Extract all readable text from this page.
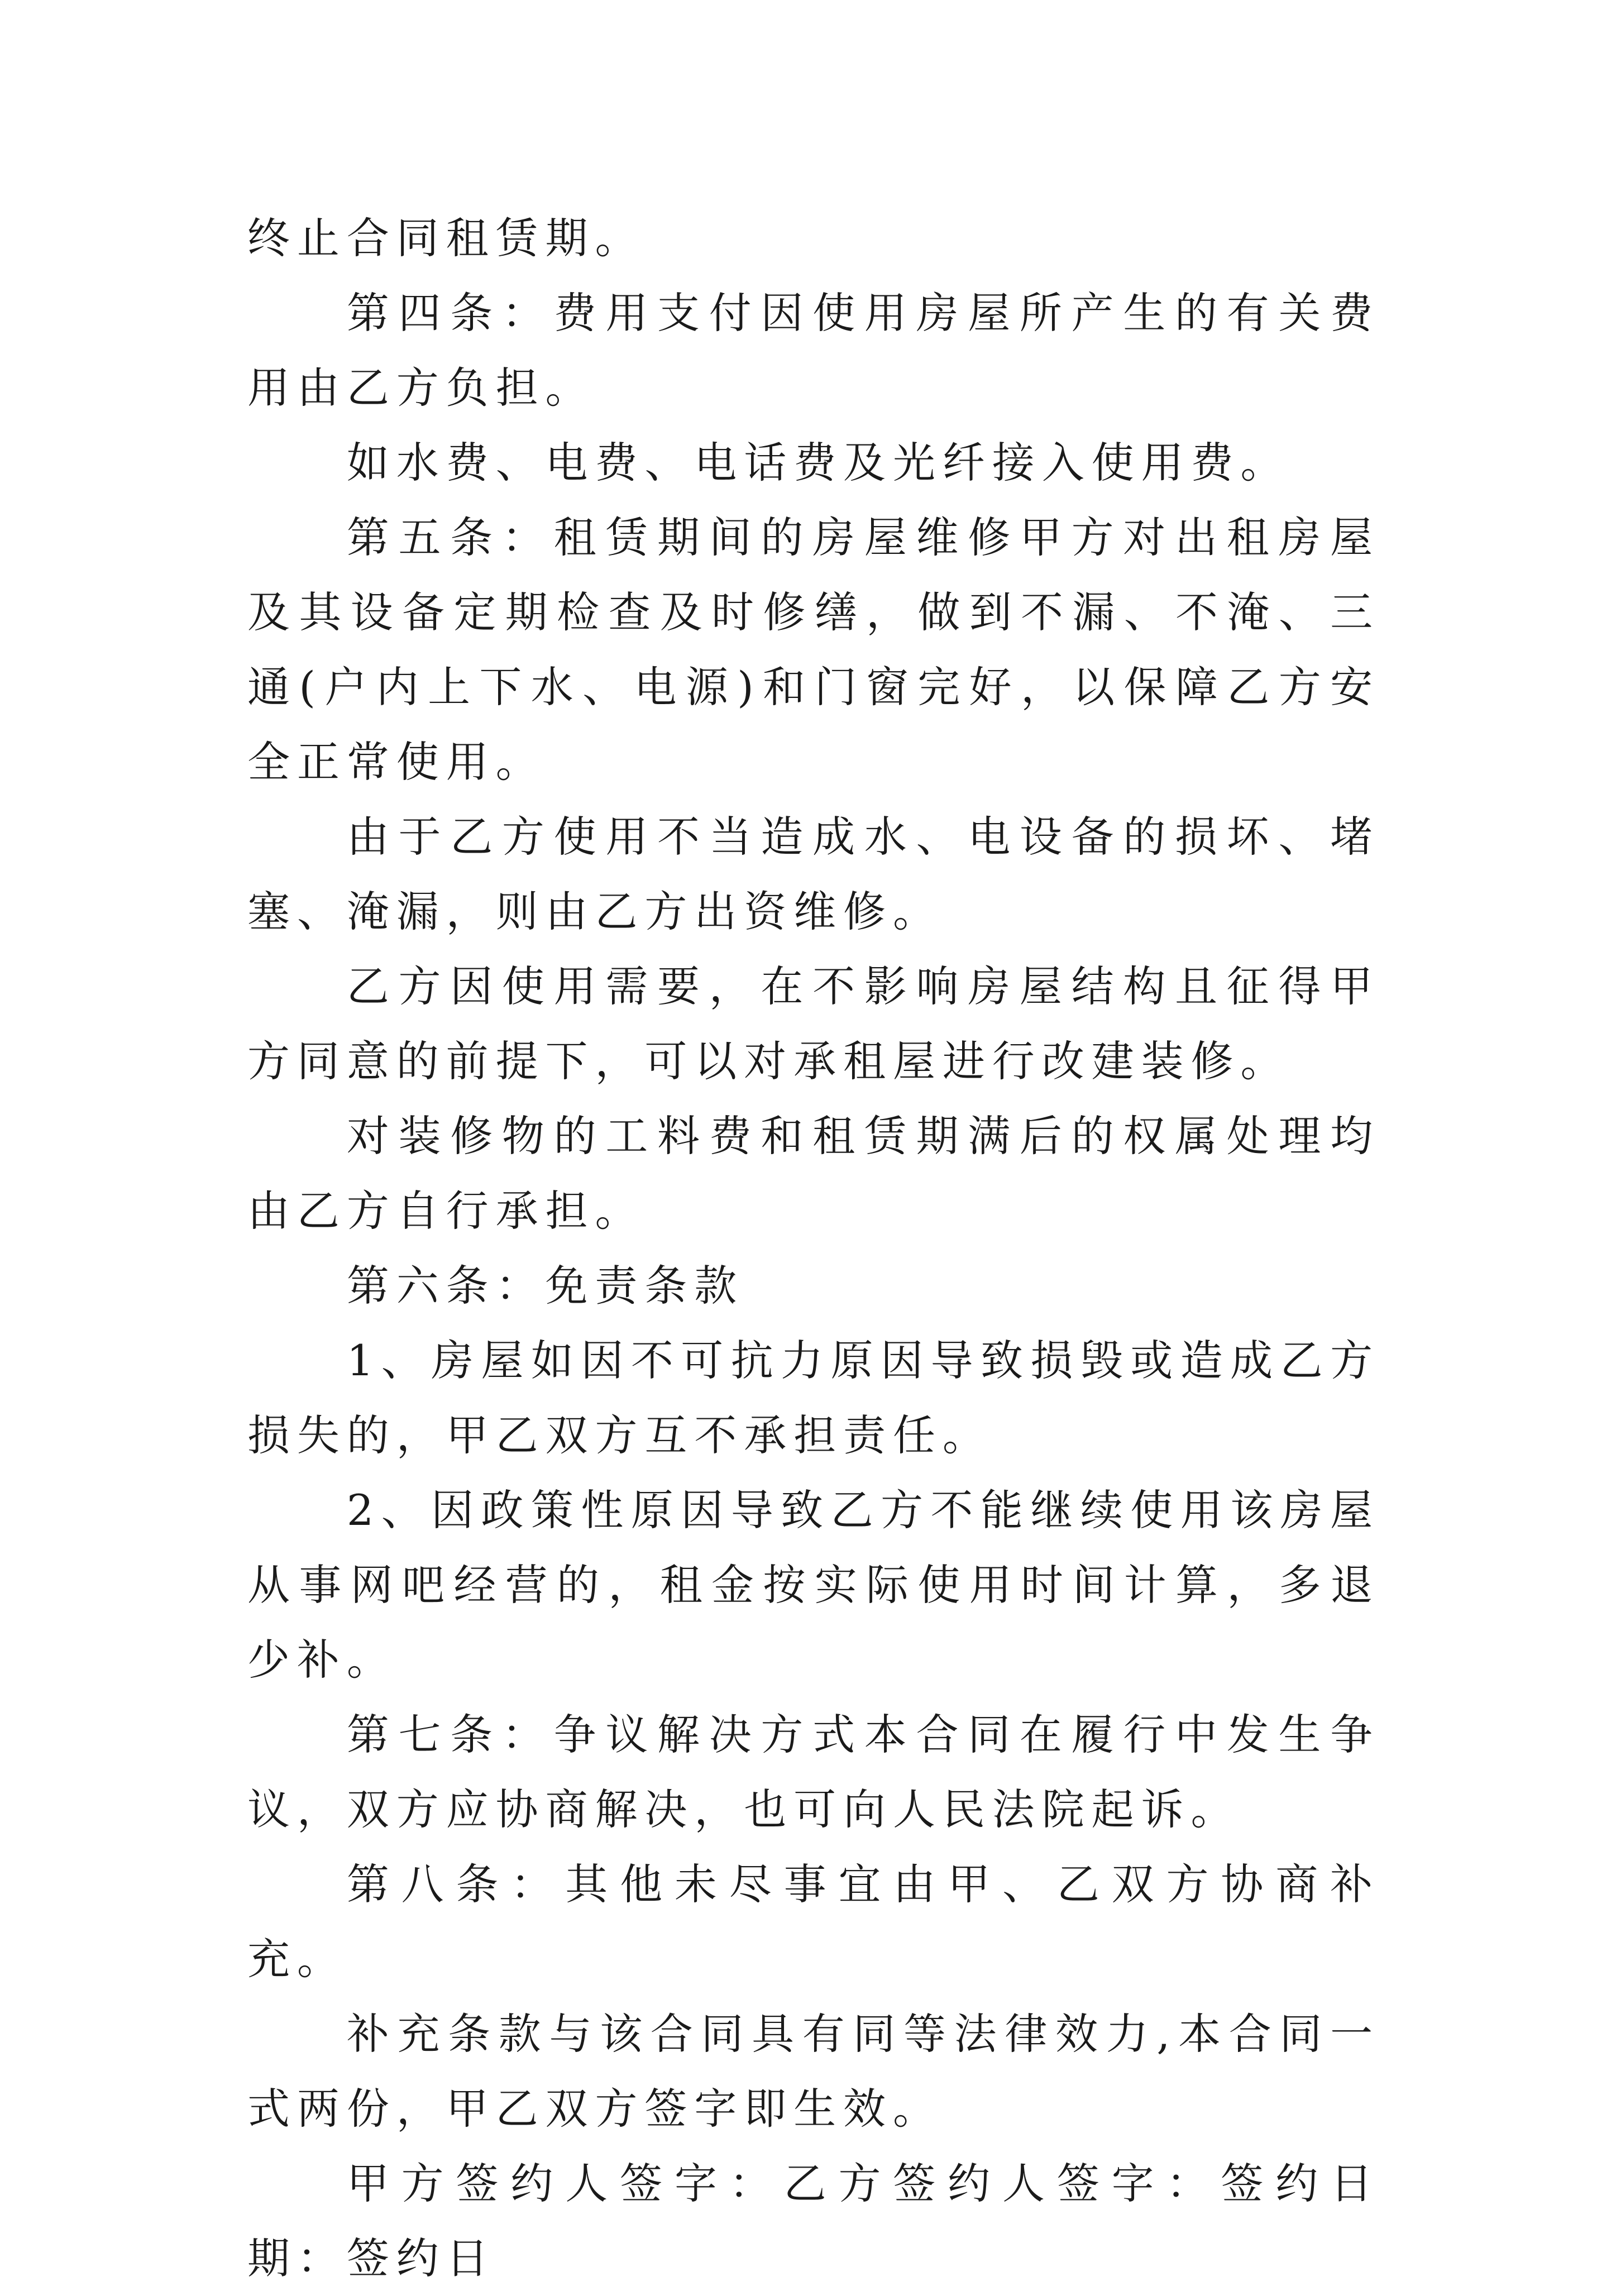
终止合同租赁期。

第四条：费用支付因使用房屋所产生的有关费用由乙方负担。

如水费、电费、电话费及光纤接入使用费。

第五条：租赁期间的房屋维修甲方对出租房屋及其设备定期检查及时修缮，做到不漏、不淹、三通(户内上下水、电源)和门窗完好，以保障乙方安全正常使用。

由于乙方使用不当造成水、电设备的损坏、堵塞、淹漏，则由乙方出资维修。

乙方因使用需要，在不影响房屋结构且征得甲方同意的前提下，可以对承租屋进行改建装修。

对装修物的工料费和租赁期满后的权属处理均由乙方自行承担。

第六条：免责条款

1、房屋如因不可抗力原因导致损毁或造成乙方损失的，甲乙双方互不承担责任。

2、因政策性原因导致乙方不能继续使用该房屋从事网吧经营的，租金按实际使用时间计算，多退少补。

第七条：争议解决方式本合同在履行中发生争议，双方应协商解决，也可向人民法院起诉。

第八条：其他未尽事宜由甲、乙双方协商补充。

补充条款与该合同具有同等法律效力,本合同一式两份，甲乙双方签字即生效。

甲方签约人签字：乙方签约人签字：签约日期：签约日
